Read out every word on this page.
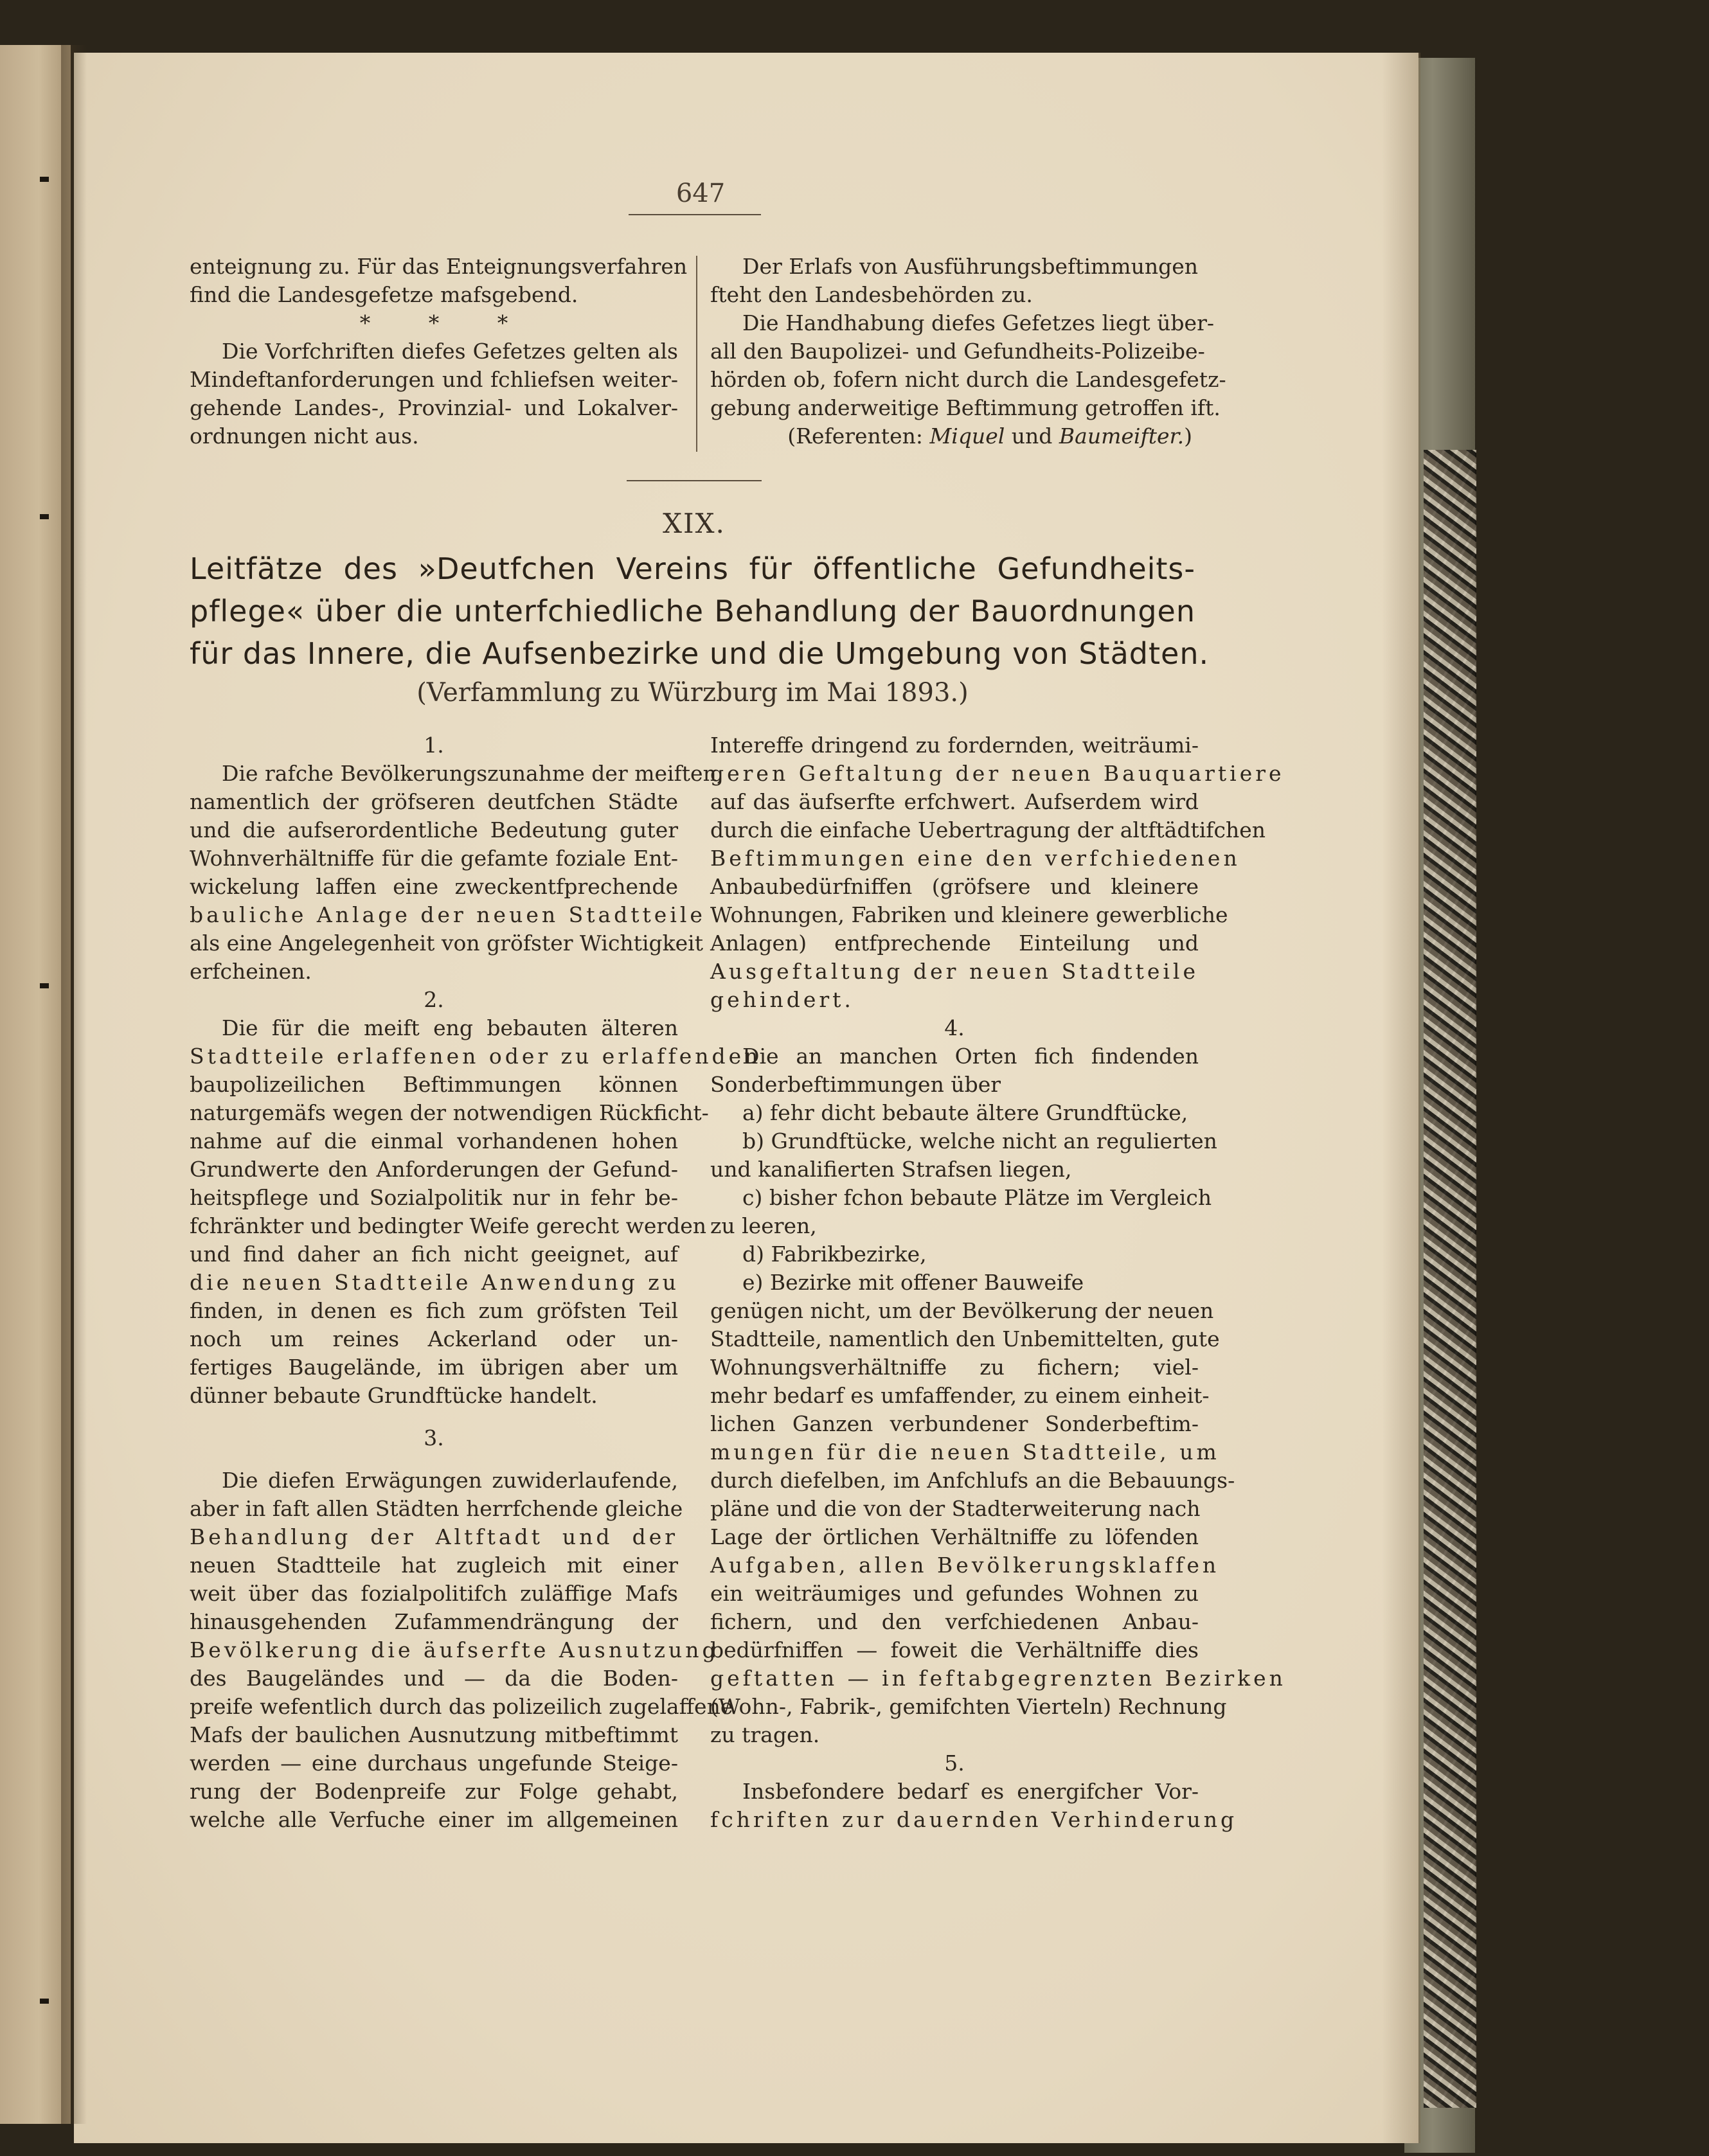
647
enteignung zu. Für das Enteignungsverfahren
find die Landesgefetze mafsgebend.
* * *
Die Vorfchriften diefes Gefetzes gelten als
Mindeftanforderungen und fchliefsen weiter-
gehende Landes-, Provinzial- und Lokalver-
ordnungen nicht aus.
Der Erlafs von Ausführungsbeftimmungen
fteht den Landesbehörden zu.
Die Handhabung diefes Gefetzes liegt über-
all den Baupolizei- und Gefundheits-Polizeibe-
hörden ob, fofern nicht durch die Landesgefetz-
gebung anderweitige Beftimmung getroffen ift.
(Referenten: Miquel und Baumeifter.)
XIX.
Leitfätze des »Deutfchen Vereins für öffentliche Gefundheits-
pflege« über die unterfchiedliche Behandlung der Bauordnungen
für das Innere, die Aufsenbezirke und die Umgebung von Städten.
(Verfammlung zu Würzburg im Mai 1893.)
1.
Die rafche Bevölkerungszunahme der meiften,
namentlich der gröfseren deutfchen Städte
und die aufserordentliche Bedeutung guter
Wohnverhältniffe für die gefamte foziale Ent-
wickelung laffen eine zweckentfprechende
bauliche Anlage der neuen Stadtteile
als eine Angelegenheit von gröfster Wichtigkeit
erfcheinen.
2.
Die für die meift eng bebauten älteren
Stadtteile erlaffenen oder zu erlaffenden
baupolizeilichen Beftimmungen können
naturgemäfs wegen der notwendigen Rückficht-
nahme auf die einmal vorhandenen hohen
Grundwerte den Anforderungen der Gefund-
heitspflege und Sozialpolitik nur in fehr be-
fchränkter und bedingter Weife gerecht werden
und find daher an fich nicht geeignet, auf
die neuen Stadtteile Anwendung zu
finden, in denen es fich zum gröfsten Teil
noch um reines Ackerland oder un-
fertiges Baugelände, im übrigen aber um
dünner bebaute Grundftücke handelt.
3.
Die diefen Erwägungen zuwiderlaufende,
aber in faft allen Städten herrfchende gleiche
Behandlung der Altftadt und der
neuen Stadtteile hat zugleich mit einer
weit über das fozialpolitifch zuläffige Mafs
hinausgehenden Zufammendrängung der
Bevölkerung die äufserfte Ausnutzung
des Baugeländes und — da die Boden-
preife wefentlich durch das polizeilich zugelaffene
Mafs der baulichen Ausnutzung mitbeftimmt
werden — eine durchaus ungefunde Steige-
rung der Bodenpreife zur Folge gehabt,
welche alle Verfuche einer im allgemeinen
Intereffe dringend zu fordernden, weiträumi-
geren Geftaltung der neuen Bauquartiere
auf das äufserfte erfchwert. Aufserdem wird
durch die einfache Uebertragung der altftädtifchen
Beftimmungen eine den verfchiedenen
Anbaubedürfniffen (gröfsere und kleinere
Wohnungen, Fabriken und kleinere gewerbliche
Anlagen) entfprechende Einteilung und
Ausgeftaltung der neuen Stadtteile
gehindert.
4.
Die an manchen Orten fich findenden
Sonderbeftimmungen über
a) fehr dicht bebaute ältere Grundftücke,
b) Grundftücke, welche nicht an regulierten
und kanalifierten Strafsen liegen,
c) bisher fchon bebaute Plätze im Vergleich
zu leeren,
d) Fabrikbezirke,
e) Bezirke mit offener Bauweife
genügen nicht, um der Bevölkerung der neuen
Stadtteile, namentlich den Unbemittelten, gute
Wohnungsverhältniffe zu fichern; viel-
mehr bedarf es umfaffender, zu einem einheit-
lichen Ganzen verbundener Sonderbeftim-
mungen für die neuen Stadtteile, um
durch diefelben, im Anfchlufs an die Bebauungs-
pläne und die von der Stadterweiterung nach
Lage der örtlichen Verhältniffe zu löfenden
Aufgaben, allen Bevölkerungsklaffen
ein weiträumiges und gefundes Wohnen zu
fichern, und den verfchiedenen Anbau-
bedürfniffen — foweit die Verhältniffe dies
geftatten — in feftabgegrenzten Bezirken
(Wohn-, Fabrik-, gemifchten Vierteln) Rechnung
zu tragen.
5.
Insbefondere bedarf es energifcher Vor-
fchriften zur dauernden Verhinderung
